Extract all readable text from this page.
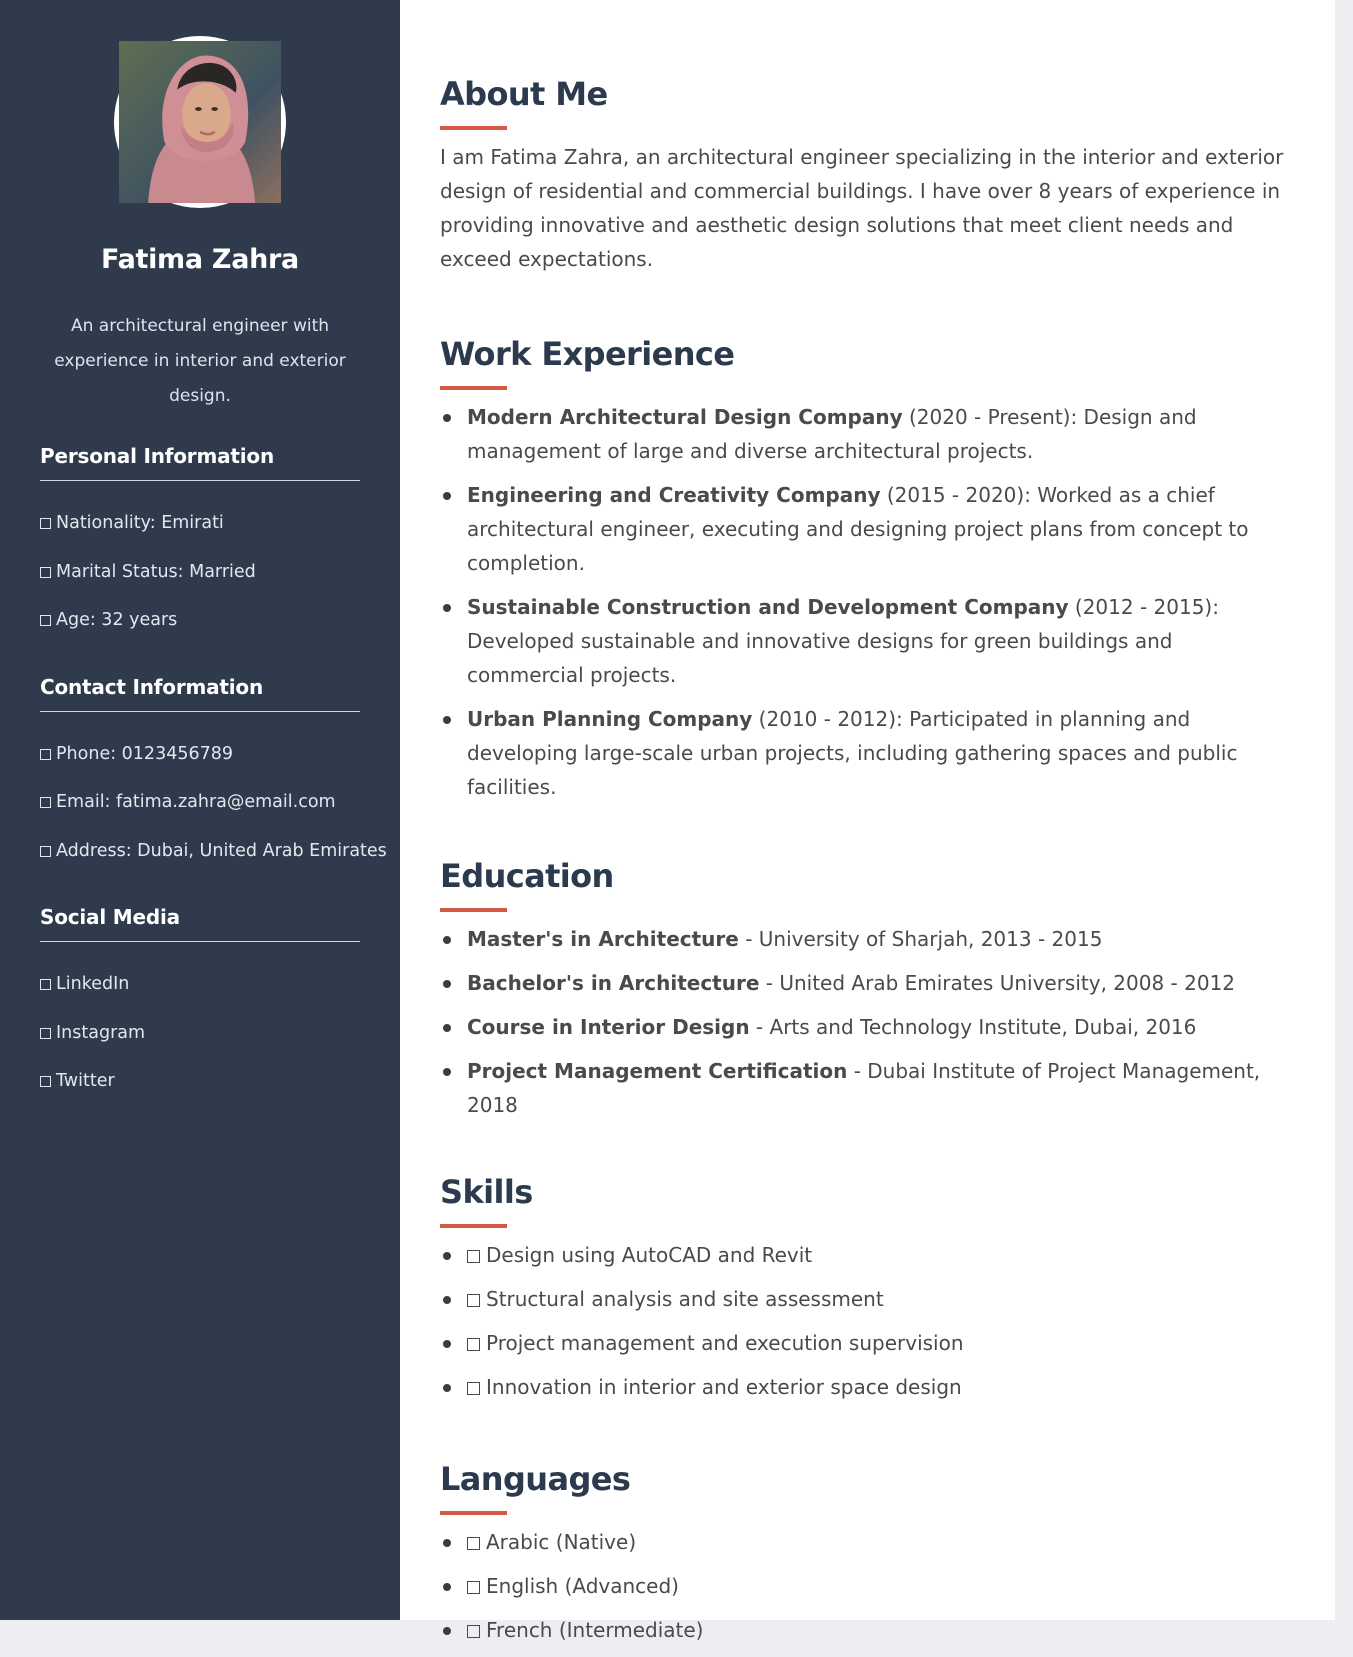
Fatima Zahra
An architectural engineer with experience in interior and exterior design.
Personal Information
Nationality: Emirati
Marital Status: Married
Age: 32 years
Contact Information
Phone: 0123456789
Email: fatima.zahra@email.com
Address: Dubai, United Arab Emirates
Social Media
LinkedIn
Instagram
Twitter
About Me

I am Fatima Zahra, an architectural engineer specializing in the interior and exterior design of residential and commercial buildings. I have over 8 years of experience in providing innovative and aesthetic design solutions that meet client needs and exceed expectations.

Work Experience
Modern Architectural Design Company (2020 - Present): Design and management of large and diverse architectural projects.
Engineering and Creativity Company (2015 - 2020): Worked as a chief architectural engineer, executing and designing project plans from concept to completion.
Sustainable Construction and Development Company (2012 - 2015): Developed sustainable and innovative designs for green buildings and commercial projects.
Urban Planning Company (2010 - 2012): Participated in planning and developing large-scale urban projects, including gathering spaces and public facilities.
Education
Master's in Architecture - University of Sharjah, 2013 - 2015
Bachelor's in Architecture - United Arab Emirates University, 2008 - 2012
Course in Interior Design - Arts and Technology Institute, Dubai, 2016
Project Management Certification - Dubai Institute of Project Management, 2018
Skills
Design using AutoCAD and Revit
Structural analysis and site assessment
Project management and execution supervision
Innovation in interior and exterior space design
Languages
Arabic (Native)
English (Advanced)
French (Intermediate)
